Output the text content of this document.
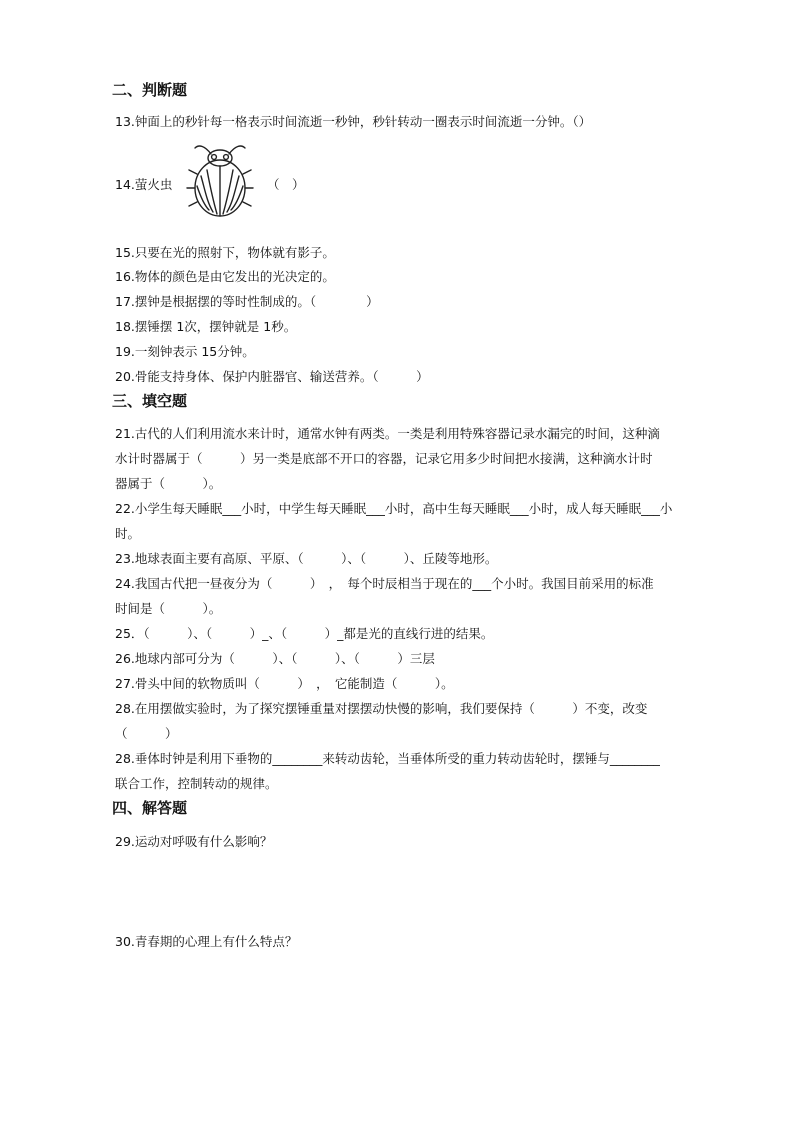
二、判断题
13.钟面上的秒针每一格表示时间流逝一秒钟，秒针转动一圈表示时间流逝一分钟。（）
14.萤火虫	（　）
15.只要在光的照射下，物体就有影子。
16.物体的颜色是由它发出的光决定的。
17.摆钟是根据摆的等时性制成的。（　　　　）
18.摆锤摆 1次，摆钟就是 1秒。
19.一刻钟表示 15分钟。
20.骨能支持身体、保护内脏器官、输送营养。（　　　）
三、填空题
21.古代的人们利用流水来计时，通常水钟有两类。一类是利用特殊容器记录水漏完的时间，这种滴
水计时器属于（　　　）另一类是底部不开口的容器，记录它用多少时间把水接满，这种滴水计时
器属于（　　　）。
22.小学生每天睡眠___小时，中学生每天睡眠___小时，高中生每天睡眠___小时，成人每天睡眠___小
时。
23.地球表面主要有高原、平原、（　　　）、（　　　）、丘陵等地形。
24.我国古代把一昼夜分为（　　　）　，　每个时辰相当于现在的___个小时。我国目前采用的标准
时间是（　　　）。
25．（　　　）、（　　　）_、（　　　）_都是光的直线行进的结果。
26.地球内部可分为（　　　）、（　　　）、（　　　）三层
27.骨头中间的软物质叫（　　　）　，　它能制造（　　　）。
28.在用摆做实验时，为了探究摆锤重量对摆摆动快慢的影响，我们要保持（　　　）不变，改变
（　　　）
28.垂体时钟是利用下垂物的________来转动齿轮，当垂体所受的重力转动齿轮时，摆锤与________
联合工作，控制转动的规律。
四、解答题
29.运动对呼吸有什么影响？
30.青春期的心理上有什么特点？
